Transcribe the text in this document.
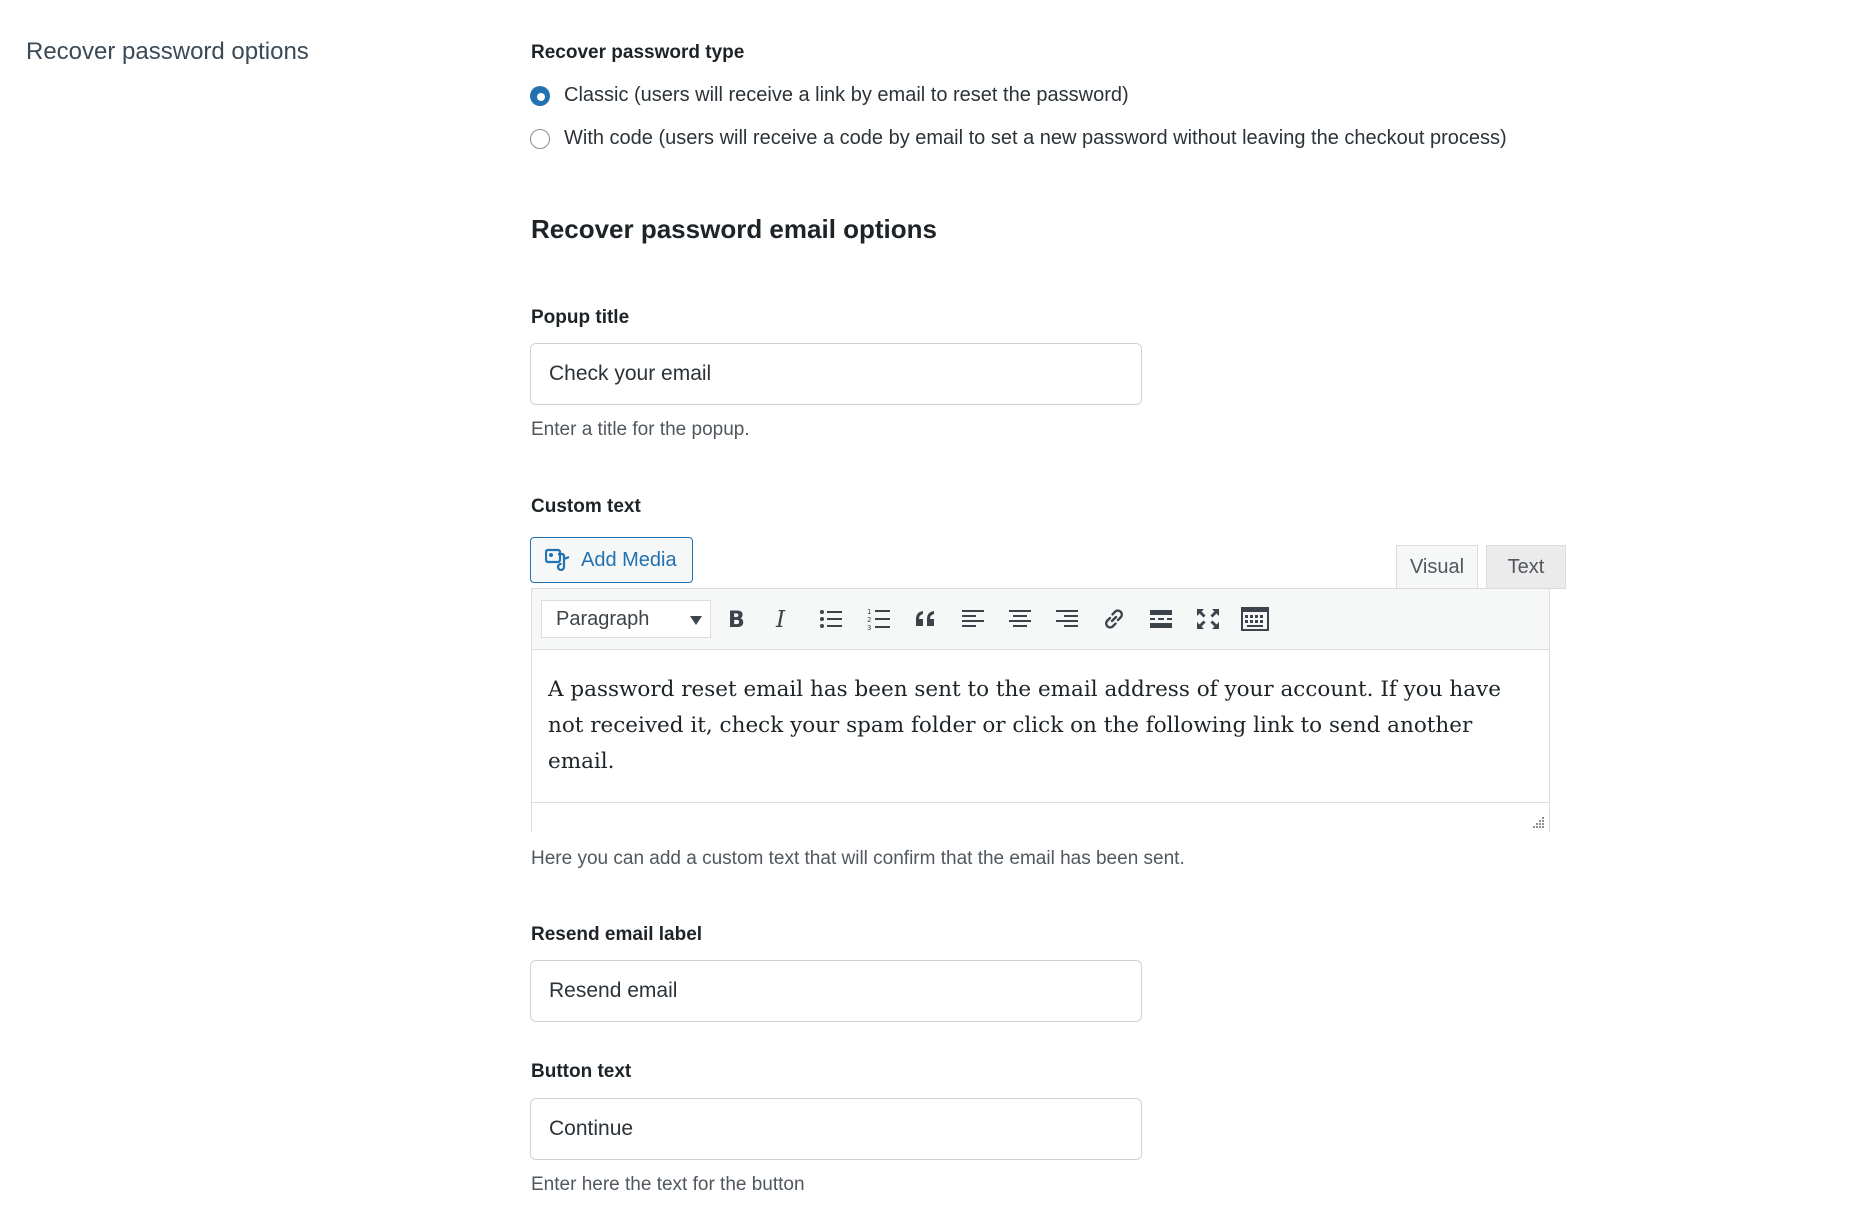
Recover password options	Recover password type
Classic (users will receive a link by email to reset the password)
With code (users will receive a code by email to set a new password without leaving the checkout process)
Recover password email options
Popup title
Check your email
Enter a title for the popup.
Custom text
Add Media	Visual	Text
Paragraph	B I	1
2
3
A password reset email has been sent to the email address of your account. If you have not received it, check your spam folder or click on the following link to send another email.
Here you can add a custom text that will confirm that the email has been sent.
Resend email label
Resend email
Button text
Continue
Enter here the text for the button
